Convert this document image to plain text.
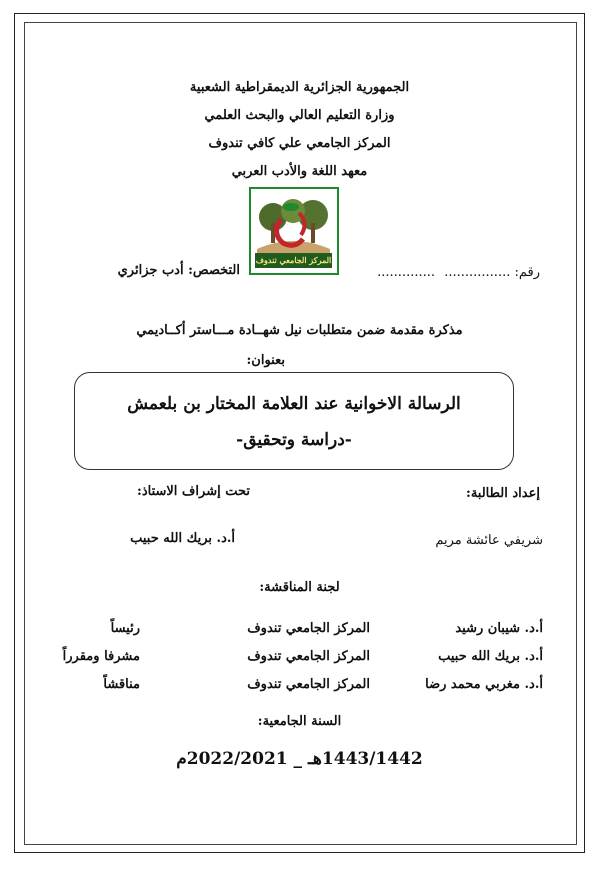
الجمهورية الجزائرية الديمقراطية الشعبية
وزارة التعليم العالي والبحث العلمي
المركز الجامعي علي كافي تندوف
معهد اللغة والأدب العربي
المركز الجامعي تندوف
رقم: ................
..............
التخصص: أدب جزائري
مذكرة مقدمة ضمن متطلبات نيل شهــادة مـــاستر أكــاديمي
بعنوان:
الرسالة الاخوانية عند العلامة المختار بن بلعمش
-دراسة وتحقيق-
إعداد الطالبة:
تحت إشراف الاستاذ:
شريفي عائشة مريم
أ.د. بريك الله حبيب
لجنة المناقشة:
أ.د. شيبان رشيد
المركز الجامعي تندوف
رئيساً
أ.د. بريك الله حبيب
المركز الجامعي تندوف
مشرفا ومقرراً
أ.د. مغربي محمد رضا
المركز الجامعي تندوف
مناقشاً
السنة الجامعية:
1443/1442هـ _ 2022/2021م
